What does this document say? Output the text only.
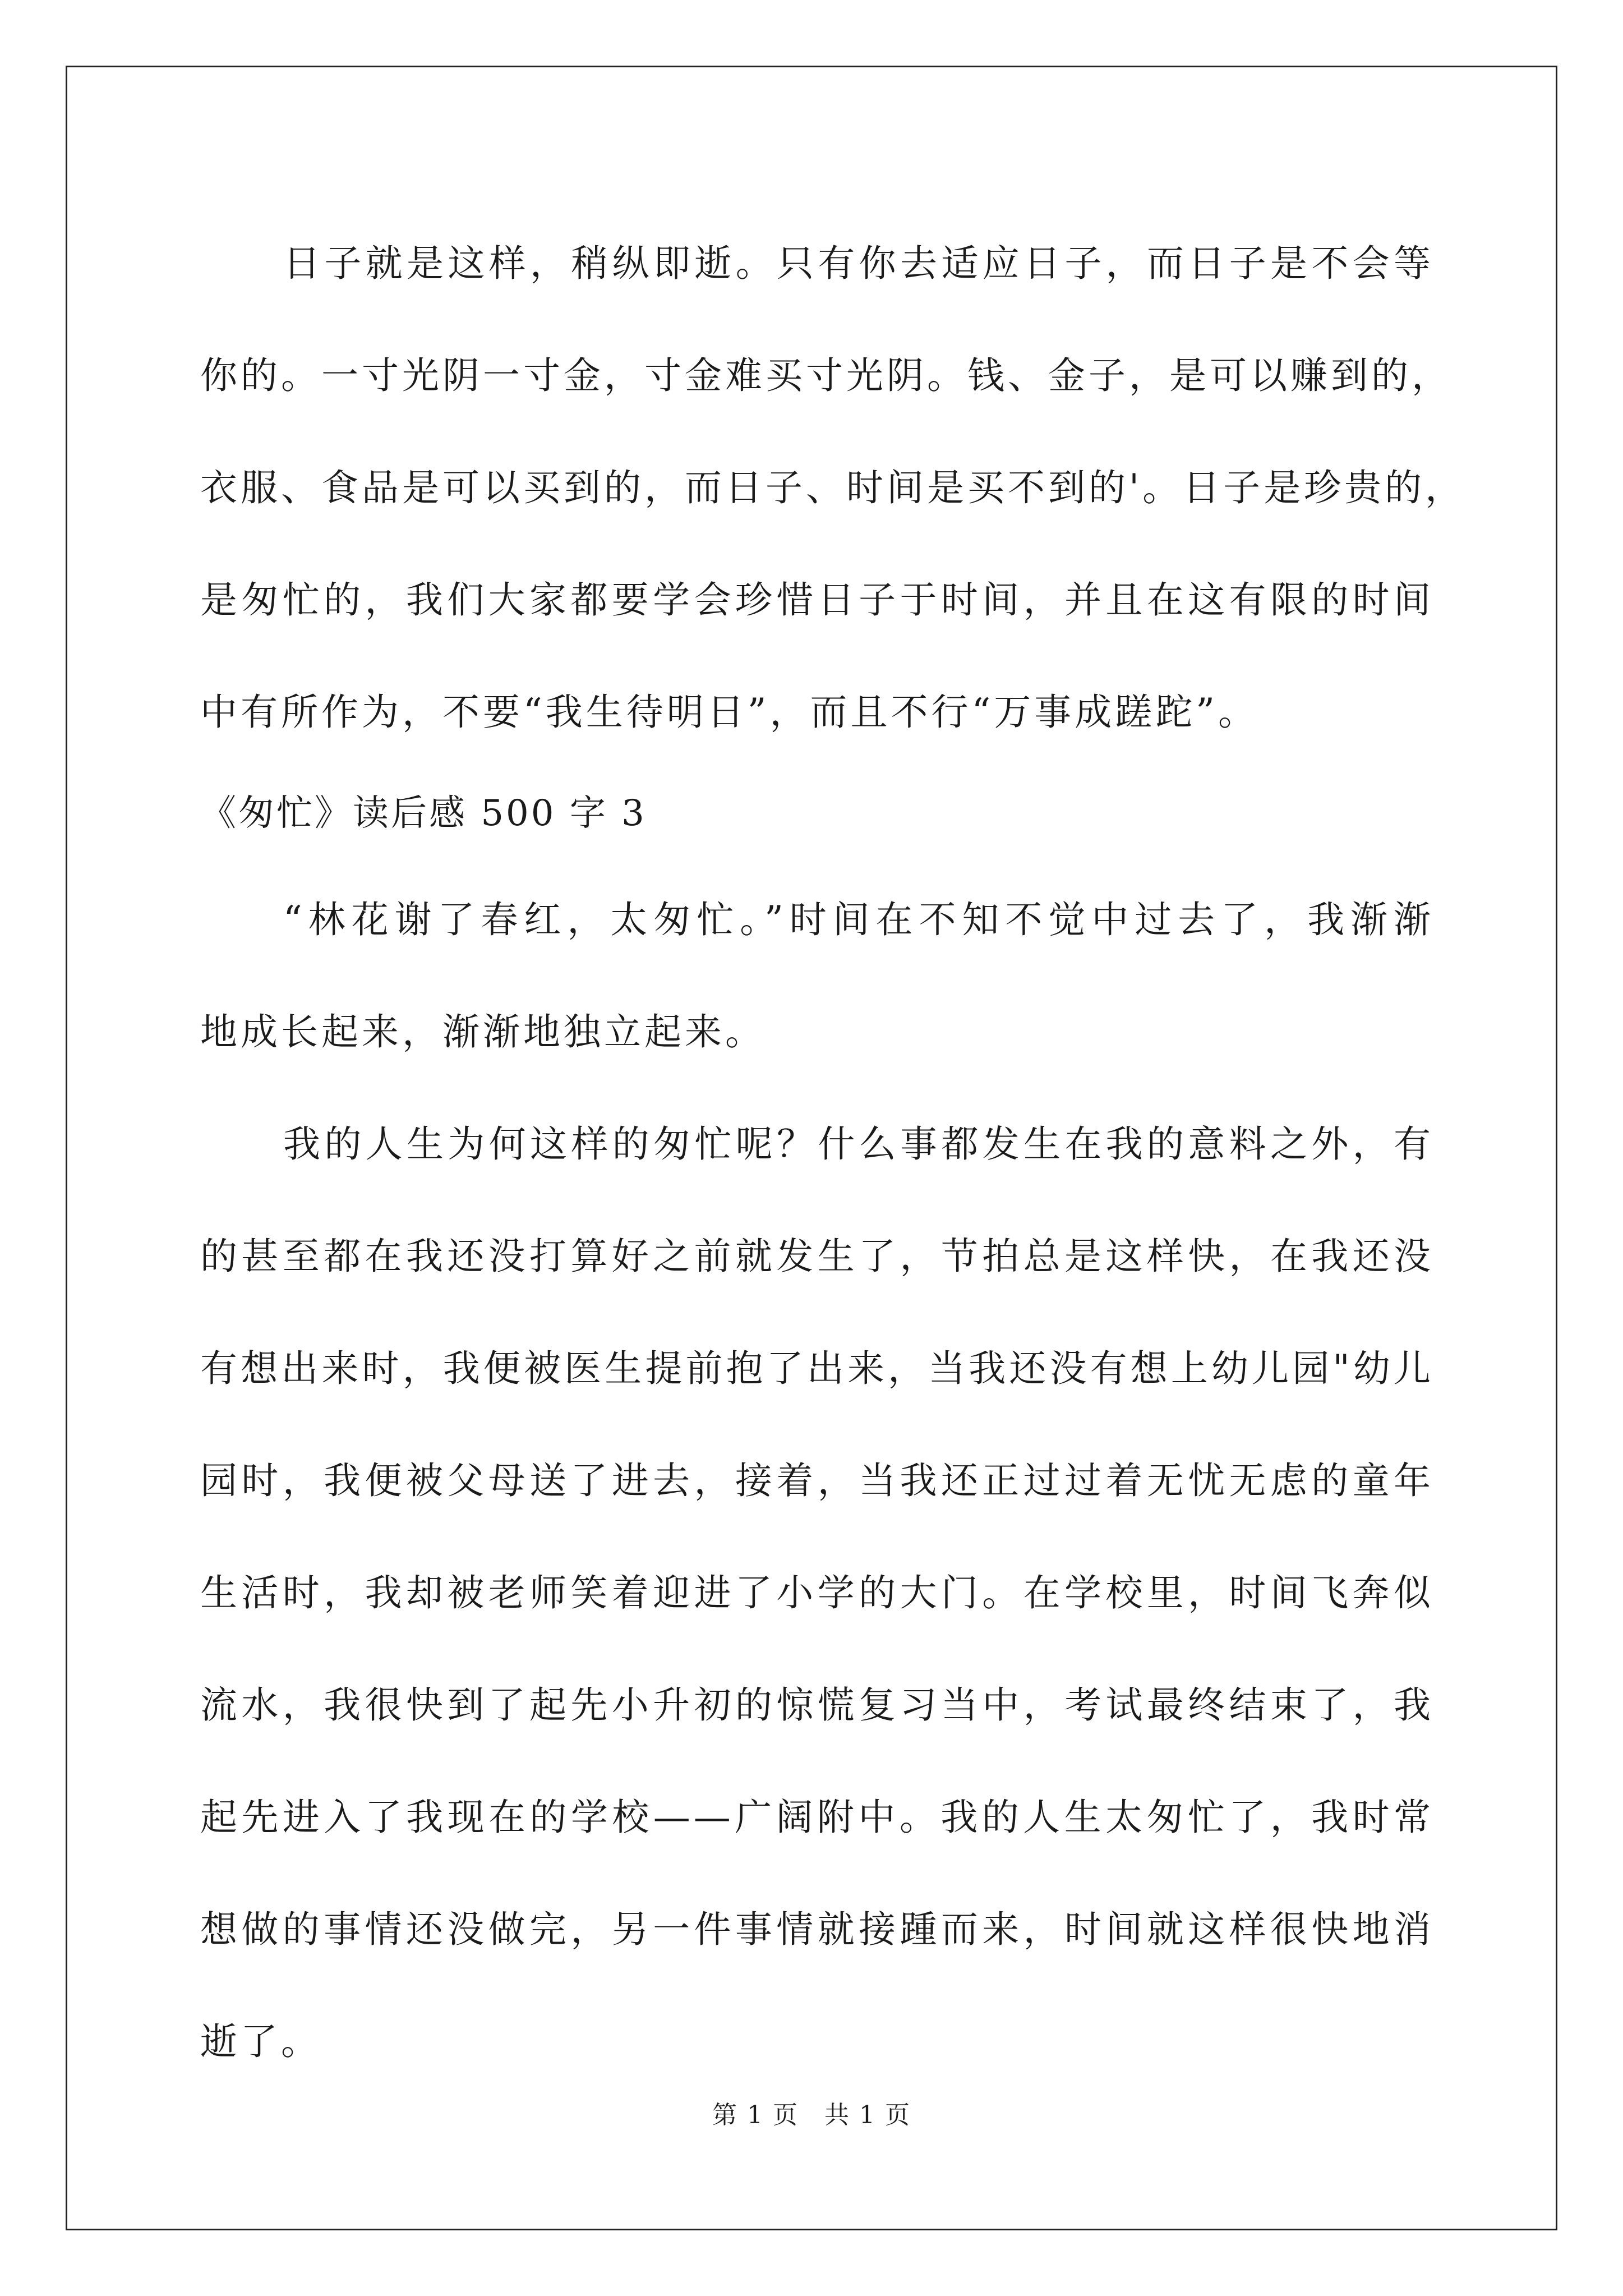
日子就是这样，稍纵即逝。只有你去适应日子，而日子是不会等
你的。一寸光阴一寸金，寸金难买寸光阴。钱、金子，是可以赚到的，
衣服、食品是可以买到的，而日子、时间是买不到的'。日子是珍贵的，
是匆忙的，我们大家都要学会珍惜日子于时间，并且在这有限的时间
中有所作为，不要“我生待明日”，而且不行“万事成蹉跎”。
《匆忙》读后感 500 字 3
“林花谢了春红，太匆忙。”时间在不知不觉中过去了，我渐渐
地成长起来，渐渐地独立起来。
我的人生为何这样的匆忙呢？什么事都发生在我的意料之外，有
的甚至都在我还没打算好之前就发生了，节拍总是这样快，在我还没
有想出来时，我便被医生提前抱了出来，当我还没有想上幼儿园"幼儿
园时，我便被父母送了进去，接着，当我还正过过着无忧无虑的童年
生活时，我却被老师笑着迎进了小学的大门。在学校里，时间飞奔似
流水，我很快到了起先小升初的惊慌复习当中，考试最终结束了，我
起先进入了我现在的学校——广阔附中。我的人生太匆忙了，我时常
想做的事情还没做完，另一件事情就接踵而来，时间就这样很快地消
逝了。
第 1 页　共 1 页
